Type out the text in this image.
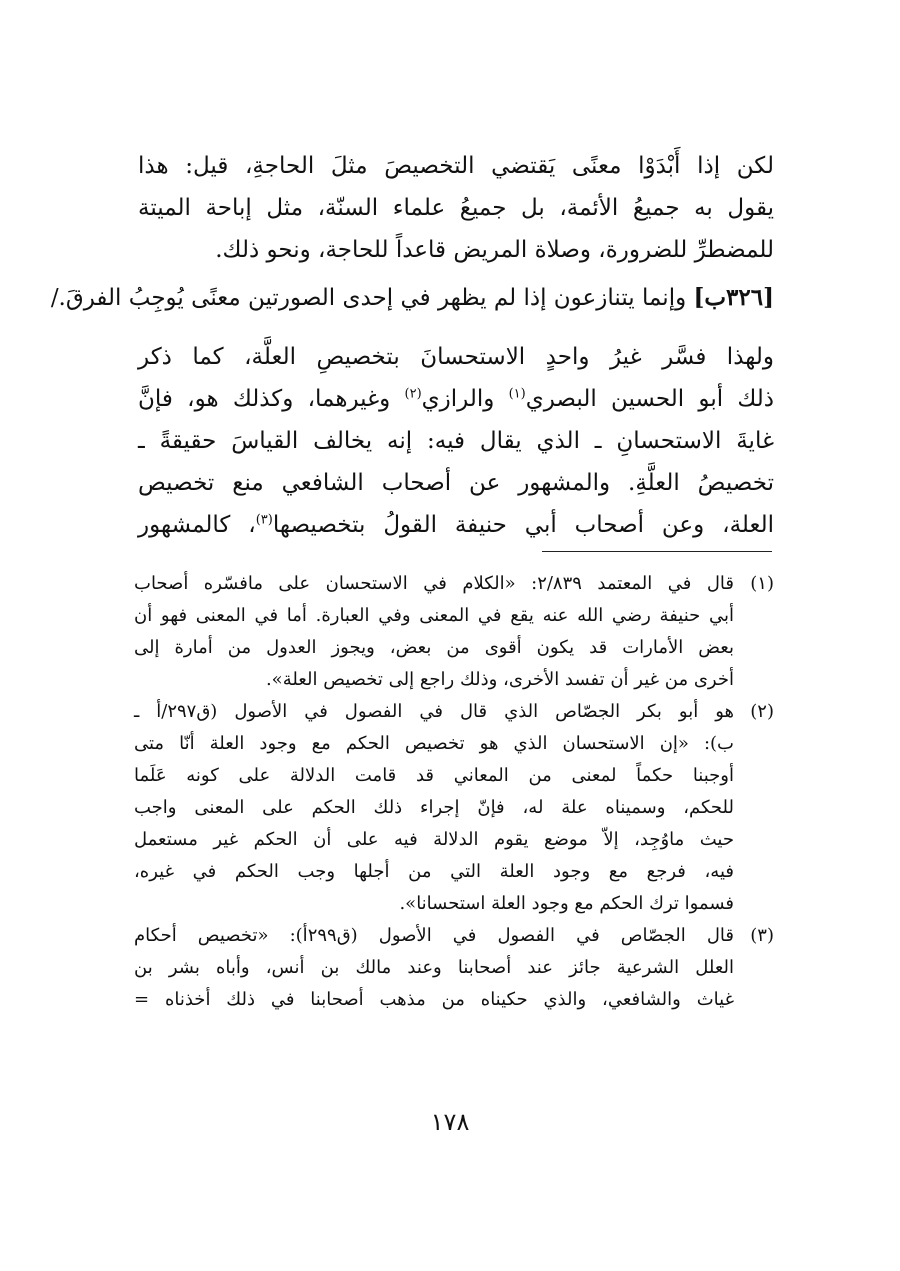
لكن إذا أَبْدَوْا معنًى يَقتضي التخصيصَ مثلَ الحاجةِ، قيل: هذا
يقول به جميعُ الأئمة، بل جميعُ علماء السنّة، مثل إباحة الميتة
للمضطرِّ للضرورة، وصلاة المريض قاعداً للحاجة، ونحو ذلك.
[٣٢٦ب] وإنما يتنازعون إذا لم يظهر في إحدى الصورتين معنًى يُوجِبُ الفرقَ./
ولهذا فسَّر غيرُ واحدٍ الاستحسانَ بتخصيصِ العلَّة، كما ذكر
ذلك أبو الحسين البصري$^{(١)}$ والرازي$^{(٢)}$ وغيرهما، وكذلك هو، فإنَّ
غايةَ الاستحسانِ ـ الذي يقال فيه: إنه يخالف القياسَ حقيقةً ـ
تخصيصُ العلَّةِ. والمشهور عن أصحاب الشافعي منع تخصيص
العلة، وعن أصحاب أبي حنيفة القولُ بتخصيصها$^{(٣)}$، كالمشهور
(١)
قال في المعتمد ٢/٨٣٩: «الكلام في الاستحسان على مافسّره أصحاب
أبي حنيفة رضي الله عنه يقع في المعنى وفي العبارة. أما في المعنى فهو أن
بعض الأمارات قد يكون أقوى من بعض، ويجوز العدول من أمارة إلى
أخرى من غير أن تفسد الأخرى، وذلك راجع إلى تخصيص العلة».
(٢)
هو أبو بكر الجصّاص الذي قال في الفصول في الأصول (ق٢٩٧/أ ـ
ب): «إن الاستحسان الذي هو تخصيص الحكم مع وجود العلة أنّا متى
أوجبنا حكماً لمعنى من المعاني قد قامت الدلالة على كونه عَلَما
للحكم، وسميناه علة له، فإنّ إجراء ذلك الحكم على المعنى واجب
حيث ماوُجِد، إلاّ موضع يقوم الدلالة فيه على أن الحكم غير مستعمل
فيه، فرجع مع وجود العلة التي من أجلها وجب الحكم في غيره،
فسموا ترك الحكم مع وجود العلة استحسانا».
(٣)
قال الجصّاص في الفصول في الأصول (ق٢٩٩أ): «تخصيص أحكام
العلل الشرعية جائز عند أصحابنا وعند مالك بن أنس، وأباه بشر بن
غياث والشافعي، والذي حكيناه من مذهب أصحابنا في ذلك أخذناه =
١٧٨
